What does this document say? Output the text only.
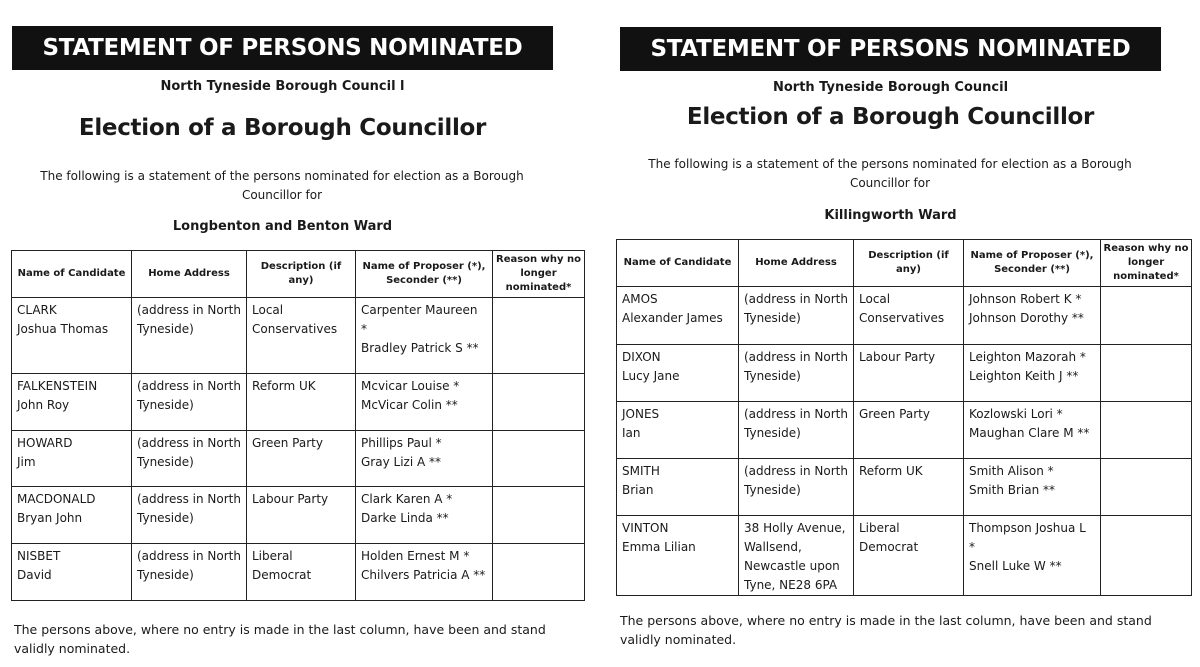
STATEMENT OF PERSONS NOMINATED
North Tyneside Borough Council l
Election of a Borough Councillor
The following is a statement of the persons nominated for election as a Borough Councillor for
Longbenton and Benton Ward
Name of Candidate	Home Address	Description (if any)	Name of Proposer (*), Seconder (**)	Reason why no longer nominated*

CLARK
Joshua Thomas	(address in North Tyneside)	Local Conservatives	Carpenter Maureen *
Bradley Patrick S **	

FALKENSTEIN
John Roy	(address in North Tyneside)	Reform UK	Mcvicar Louise *
McVicar Colin **	

HOWARD
Jim	(address in North Tyneside)	Green Party	Phillips Paul *
Gray Lizi A **	

MACDONALD
Bryan John	(address in North Tyneside)	Labour Party	Clark Karen A *
Darke Linda **	

NISBET
David	(address in North Tyneside)	Liberal Democrat	Holden Ernest M *
Chilvers Patricia A **	

The persons above, where no entry is made in the last column, have been and stand validly nominated.
STATEMENT OF PERSONS NOMINATED
North Tyneside Borough Council
Election of a Borough Councillor
The following is a statement of the persons nominated for election as a Borough Councillor for
Killingworth Ward
Name of Candidate	Home Address	Description (if any)	Name of Proposer (*), Seconder (**)	Reason why no longer nominated*

AMOS
Alexander James	(address in North Tyneside)	Local Conservatives	Johnson Robert K *
Johnson Dorothy **	

DIXON
Lucy Jane	(address in North Tyneside)	Labour Party	Leighton Mazorah *
Leighton Keith J **	

JONES
Ian	(address in North Tyneside)	Green Party	Kozlowski Lori *
Maughan Clare M **	

SMITH
Brian	(address in North Tyneside)	Reform UK	Smith Alison *
Smith Brian **	

VINTON
Emma Lilian	38 Holly Avenue, Wallsend, Newcastle upon Tyne, NE28 6PA	Liberal Democrat	Thompson Joshua L *
Snell Luke W **	

The persons above, where no entry is made in the last column, have been and stand validly nominated.
